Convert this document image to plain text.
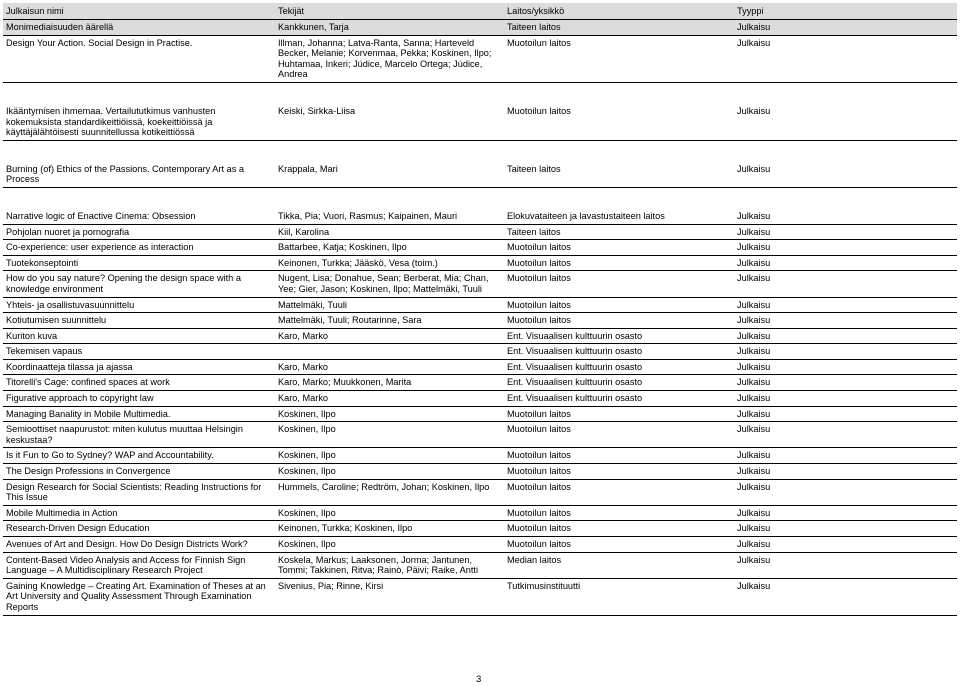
Julkaisun nimi	Tekijät	Laitos/yksikkö	Tyyppi
Monimediaisuuden äärellä	Kankkunen, Tarja	Taiteen laitos	Julkaisu
Design Your Action. Social Design in Practise.	Illman, Johanna; Latva-Ranta, Sanna; Harteveld Becker, Melanie; Korvenmaa, Pekka; Koskinen, Ilpo; Huhtamaa, Inkeri; Júdice, Marcelo Ortega; Júdice, Andrea	Muotoilun laitos	Julkaisu

Ikääntymisen ihmemaa. Vertailututkimus vanhusten kokemuksista standardikeittiöissä, koekeittiöissä ja käyttäjälähtöisesti suunnitellussa kotikeittiössä	Keiski, Sirkka-Liisa	Muotoilun laitos	Julkaisu

Burning (of) Ethics of the Passions. Contemporary Art as a Process	Krappala, Mari	Taiteen laitos	Julkaisu

Narrative logic of Enactive Cinema: Obsession	Tikka, Pia; Vuori, Rasmus; Kaipainen, Mauri	Elokuvataiteen ja lavastustaiteen laitos	Julkaisu
Pohjolan nuoret ja pornografia	Kiil, Karolina	Taiteen laitos	Julkaisu
Co-experience: user experience as interaction	Battarbee, Katja; Koskinen, Ilpo	Muotoilun laitos	Julkaisu
Tuotekonseptointi	Keinonen, Turkka; Jääskö, Vesa (toim.)	Muotoilun laitos	Julkaisu
How do you say nature? Opening the design space with a knowledge environment	Nugent, Lisa; Donahue, Sean; Berberat, Mia; Chan, Yee; Gier, Jason; Koskinen, Ilpo; Mattelmäki, Tuuli	Muotoilun laitos	Julkaisu
Yhteis- ja osallistuvasuunnittelu	Mattelmäki, Tuuli	Muotoilun laitos	Julkaisu
Kotiutumisen suunnittelu	Mattelmäki, Tuuli; Routarinne, Sara	Muotoilun laitos	Julkaisu
Kuriton kuva	Karo, Marko	Ent. Visuaalisen kulttuurin osasto	Julkaisu
Tekemisen vapaus		Ent. Visuaalisen kulttuurin osasto	Julkaisu
Koordinaatteja tilassa ja ajassa	Karo, Marko	Ent. Visuaalisen kulttuurin osasto	Julkaisu
Titorelli's Cage: confined spaces at work	Karo, Marko; Muukkonen, Marita	Ent. Visuaalisen kulttuurin osasto	Julkaisu
Figurative approach to copyright law	Karo, Marko	Ent. Visuaalisen kulttuurin osasto	Julkaisu
Managing Banality in Mobile Multimedia.	Koskinen, Ilpo	Muotoilun laitos	Julkaisu
Semioottiset naapurustot: miten kulutus muuttaa Helsingin keskustaa?	Koskinen, Ilpo	Muotoilun laitos	Julkaisu
Is it Fun to Go to Sydney? WAP and Accountability.	Koskinen, Ilpo	Muotoilun laitos	Julkaisu
The Design Professions in Convergence	Koskinen, Ilpo	Muotoilun laitos	Julkaisu
Design Research for Social Scientists: Reading Instructions for This Issue	Hummels, Caroline; Redtröm, Johan; Koskinen, Ilpo	Muotoilun laitos	Julkaisu
Mobile Multimedia in Action	Koskinen, Ilpo	Muotoilun laitos	Julkaisu
Research-Driven Design Education	Keinonen, Turkka; Koskinen, Ilpo	Muotoilun laitos	Julkaisu
Avenues of Art and Design. How Do Design Districts Work?	Koskinen, Ilpo	Muotoilun laitos	Julkaisu
Content-Based Video Analysis and Access for Finnish Sign Language – A Multidisciplinary Research Project	Koskela, Markus; Laaksonen, Jorma; Jantunen, Tommi; Takkinen, Ritva; Rainò, Päivi; Raike, Antti	Median laitos	Julkaisu
Gaining Knowledge – Creating Art. Examination of Theses at an Art University and Quality Assessment Through Examination Reports	Sivenius, Pia; Rinne, Kirsi	Tutkimusinstituutti	Julkaisu
3
